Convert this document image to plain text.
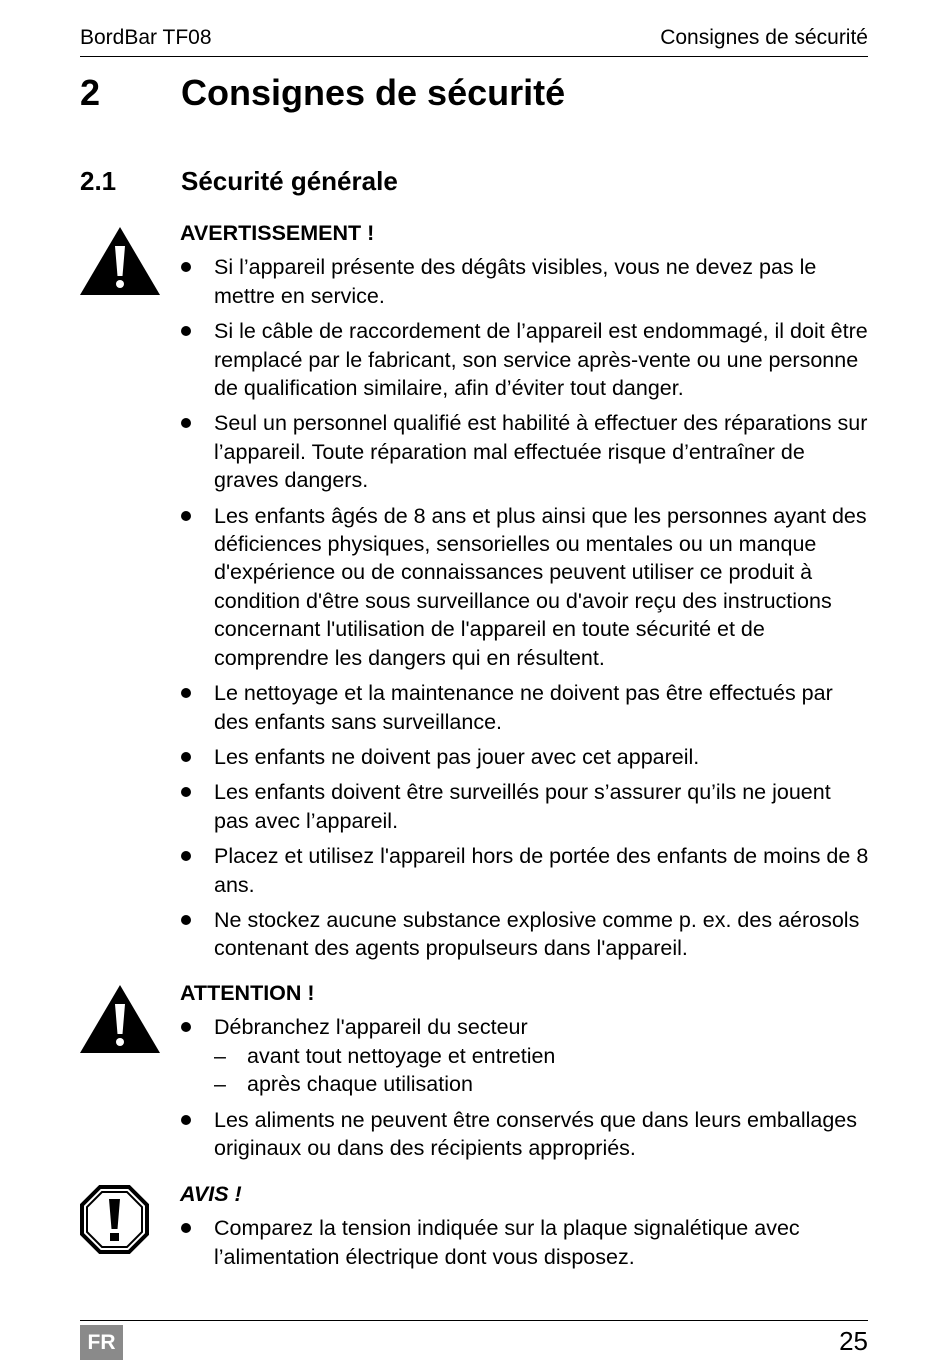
BordBar TF08	Consignes de sécurité
2 Consignes de sécurité
2.1 Sécurité générale
AVERTISSEMENT !
Si l’appareil présente des dégâts visibles, vous ne devez pas le mettre en service.
Si le câble de raccordement de l’appareil est endommagé, il doit être remplacé par le fabricant, son service après-vente ou une personne de qualification similaire, afin d’éviter tout danger.
Seul un personnel qualifié est habilité à effectuer des réparations sur l’appareil. Toute réparation mal effectuée risque d’entraîner de graves dangers.
Les enfants âgés de 8 ans et plus ainsi que les personnes ayant des déficiences physiques, sensorielles ou mentales ou un manque d'expérience ou de connaissances peuvent utiliser ce produit à condition d'être sous surveillance ou d'avoir reçu des instructions concernant l'utilisation de l'appareil en toute sécurité et de comprendre les dangers qui en résultent.
Le nettoyage et la maintenance ne doivent pas être effectués par des enfants sans surveillance.
Les enfants ne doivent pas jouer avec cet appareil.
Les enfants doivent être surveillés pour s’assurer qu’ils ne jouent pas avec l’appareil.
Placez et utilisez l'appareil hors de portée des enfants de moins de 8 ans.
Ne stockez aucune substance explosive comme p. ex. des aérosols contenant des agents propulseurs dans l'appareil.
ATTENTION !
Débranchez l'appareil du secteur
– avant tout nettoyage et entretien
– après chaque utilisation
Les aliments ne peuvent être conservés que dans leurs emballages originaux ou dans des récipients appropriés.
AVIS !
Comparez la tension indiquée sur la plaque signalétique avec l’alimentation électrique dont vous disposez.
FR	25
